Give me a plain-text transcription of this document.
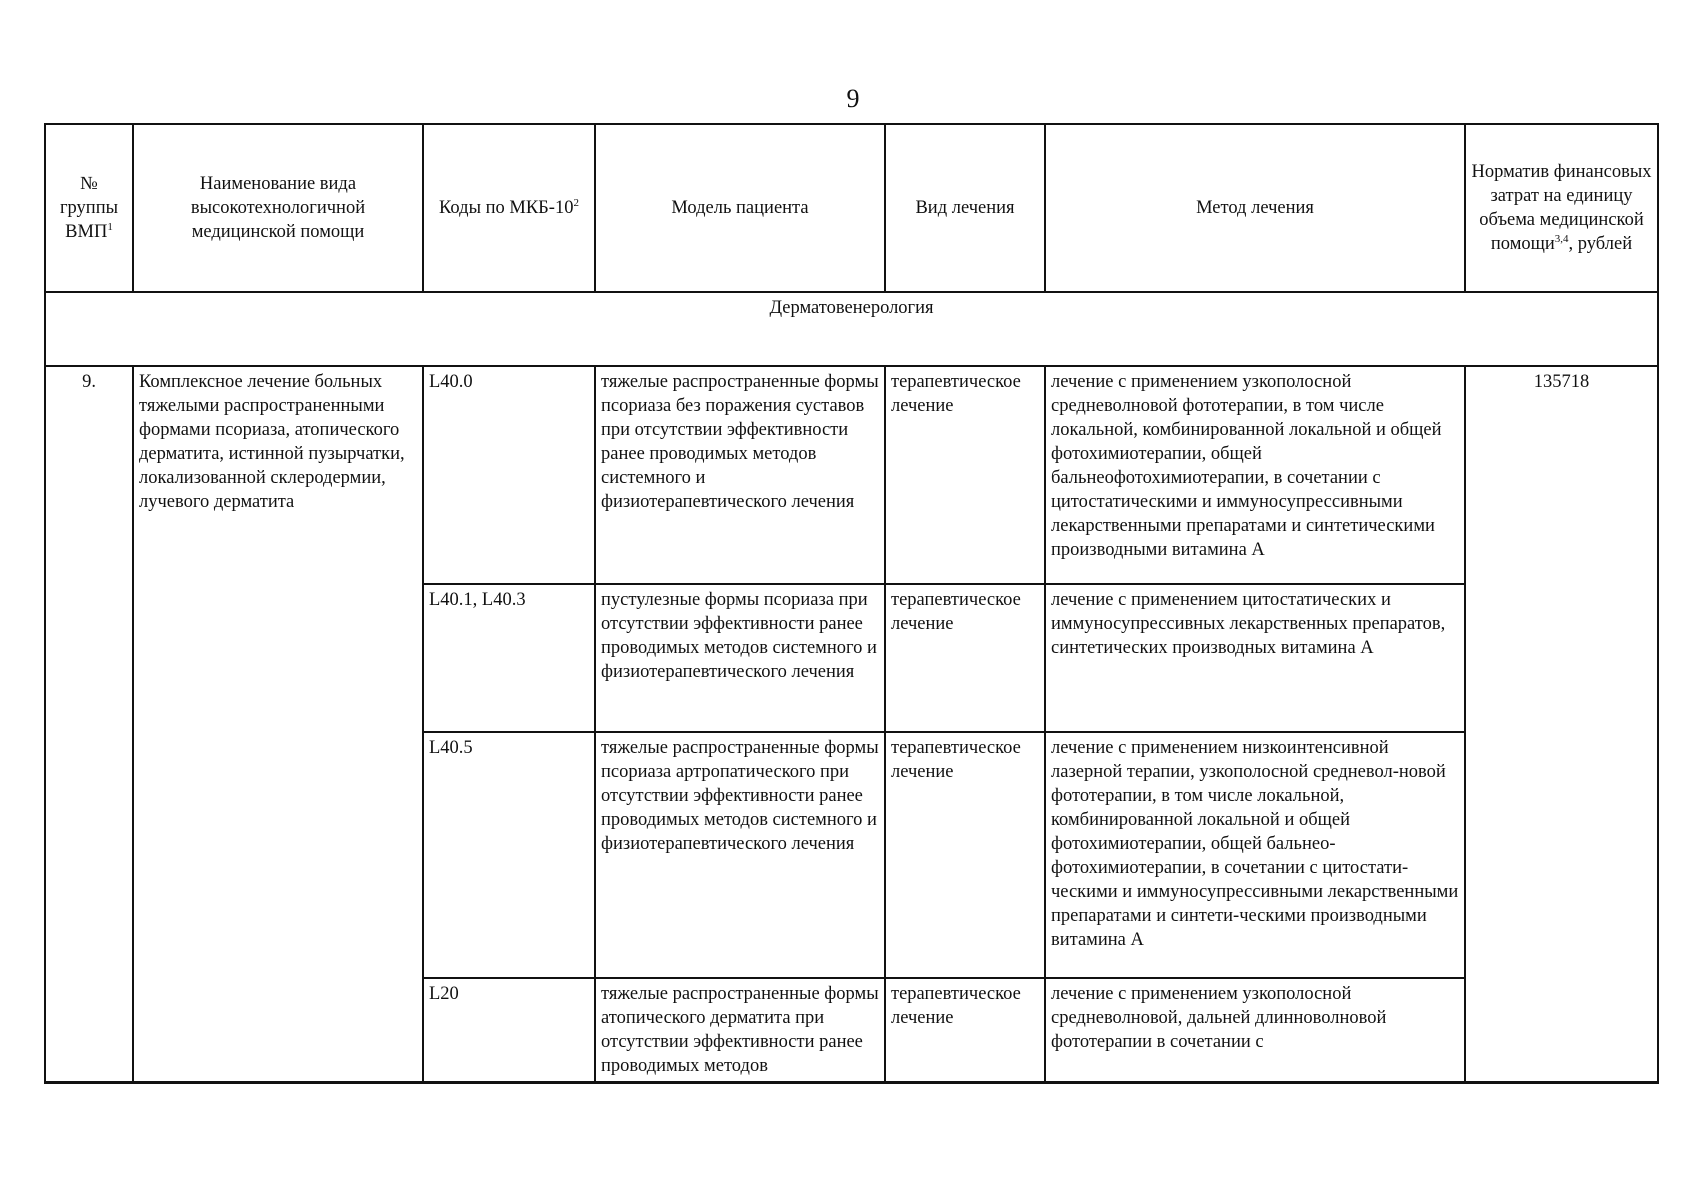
9
№ группы ВМП$^1$	Наименование вида высокотехнологичной медицинской помощи	Коды по МКБ-$10^2$	Модель пациента	Вид лечения	Метод лечения	Норматив финансовых затрат на единицу объема медицинской помощи$^{3,4}$, рублей
Дерматовенерология						
9.	Комплексное лечение больных тяжелыми распространенными формами псориаза, атопического дерматита, истинной пузырчатки, локализованной склеродермии, лучевого дерматита	L40.0	тяжелые распространенные формы псориаза без поражения суставов при отсутствии эффективности ранее проводимых методов системного и физиотерапевтического лечения	терапевтическое лечение	лечение с применением узкополосной средневолновой фототерапии, в том числе локальной, комбинированной локальной и общей фотохимиотерапии, общей бальнеофотохимиотерапии, в сочетании с цитостатическими и иммуносупрессивными лекарственными препаратами и синтетическими производными витамина А	135718
		L40.1, L40.3	пустулезные формы псориаза при отсутствии эффективности ранее проводимых методов системного и физиотерапевтического лечения	терапевтическое лечение	лечение с применением цитостатических и иммуносупрессивных лекарственных препаратов, синтетических производных витамина А	
		L40.5	тяжелые распространенные формы псориаза артропатического при отсутствии эффективности ранее проводимых методов системного и физиотерапевтического лечения	терапевтическое лечение	лечение с применением низкоинтенсивной лазерной терапии, узкополосной средневол-новой фототерапии, в том числе локальной, комбинированной локальной и общей фотохимиотерапии, общей бальнео-фотохимиотерапии, в сочетании с цитостати-ческими и иммуносупрессивными лекарственными препаратами и синтети-ческими производными витамина А	
		L20	тяжелые распространенные формы атопического дерматита при отсутствии эффективности ранее проводимых методов	терапевтическое лечение	лечение с применением узкополосной средневолновой, дальней длинноволновой фототерапии в сочетании с	
